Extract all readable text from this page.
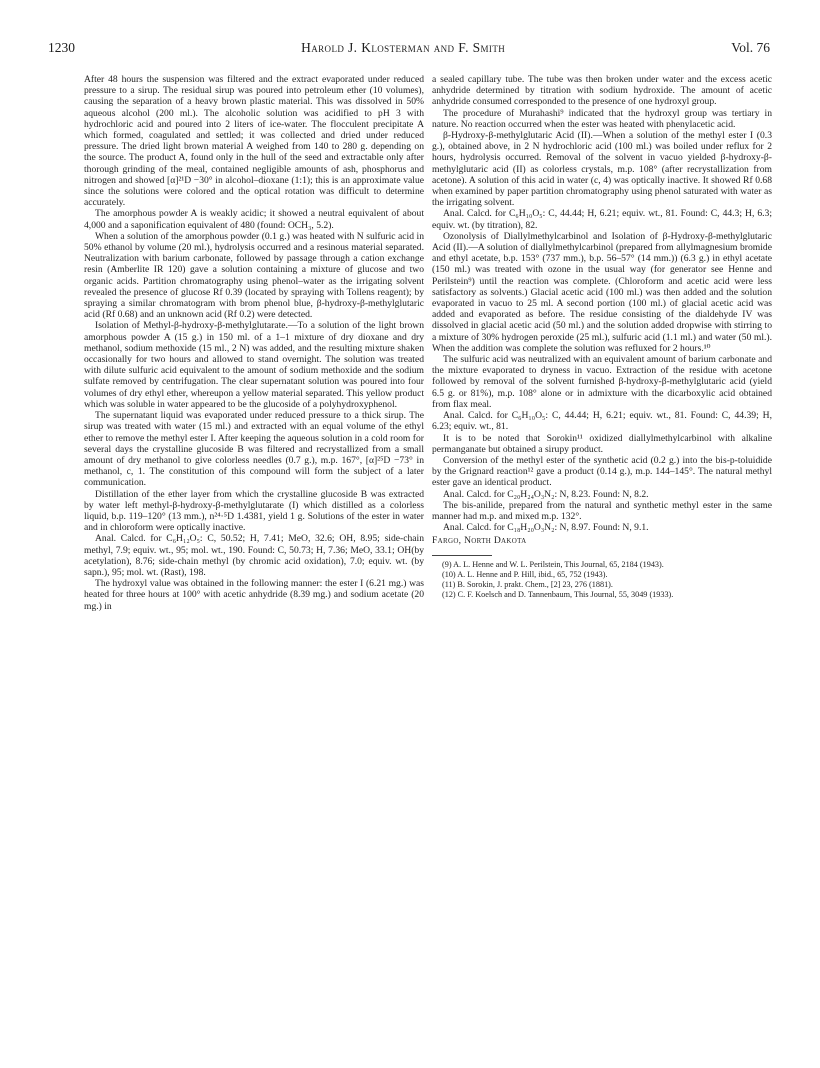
1230	Harold J. Klosterman and F. Smith	Vol. 76

After 48 hours the suspension was filtered and the extract evaporated under reduced pressure to a sirup. The residual sirup was poured into petroleum ether (10 volumes), causing the separation of a heavy brown plastic material. This was dissolved in 50% aqueous alcohol (200 ml.). The alcoholic solution was acidified to pH 3 with hydrochloric acid and poured into 2 liters of ice-water. The flocculent precipitate A which formed, coagulated and settled; it was collected and dried under reduced pressure. The dried light brown material A weighed from 140 to 280 g. depending on the source. The product A, found only in the hull of the seed and extractable only after thorough grinding of the meal, contained negligible amounts of ash, phosphorus and nitrogen and showed [α]²¹D −30° in alcohol–dioxane (1:1); this is an approximate value since the solutions were colored and the optical rotation was difficult to determine accurately.

The amorphous powder A is weakly acidic; it showed a neutral equivalent of about 4,000 and a saponification equivalent of 480 (found: OCH₃, 5.2).

When a solution of the amorphous powder (0.1 g.) was heated with N sulfuric acid in 50% ethanol by volume (20 ml.), hydrolysis occurred and a resinous material separated. Neutralization with barium carbonate, followed by passage through a cation exchange resin (Amberlite IR 120) gave a solution containing a mixture of glucose and two organic acids. Partition chromatography using phenol–water as the irrigating solvent revealed the presence of glucose Rf 0.39 (located by spraying with Tollens reagent); by spraying a similar chromatogram with brom phenol blue, β-hydroxy-β-methylglutaric acid (Rf 0.68) and an unknown acid (Rf 0.2) were detected.

Isolation of Methyl-β-hydroxy-β-methylglutarate.—To a solution of the light brown amorphous powder A (15 g.) in 150 ml. of a 1–1 mixture of dry dioxane and dry methanol, sodium methoxide (15 ml., 2 N) was added, and the resulting mixture shaken occasionally for two hours and allowed to stand overnight. The solution was treated with dilute sulfuric acid equivalent to the amount of sodium methoxide and the sodium sulfate removed by centrifugation. The clear supernatant solution was poured into four volumes of dry ethyl ether, whereupon a yellow material separated. This yellow product which was soluble in water appeared to be the glucoside of a polyhydroxyphenol.

The supernatant liquid was evaporated under reduced pressure to a thick sirup. The sirup was treated with water (15 ml.) and extracted with an equal volume of the ethyl ether to remove the methyl ester I. After keeping the aqueous solution in a cold room for several days the crystalline glucoside B was filtered and recrystallized from a small amount of dry methanol to give colorless needles (0.7 g.), m.p. 167°, [α]²⁵D −73° in methanol, c, 1. The constitution of this compound will form the subject of a later communication.

Distillation of the ether layer from which the crystalline glucoside B was extracted by water left methyl-β-hydroxy-β-methylglutarate (I) which distilled as a colorless liquid, b.p. 119–120° (13 mm.), n²⁴·⁵D 1.4381, yield 1 g. Solutions of the ester in water and in chloroform were optically inactive.

Anal. Calcd. for C₆H₁₂O₅: C, 50.52; H, 7.41; MeO, 32.6; OH, 8.95; side-chain methyl, 7.9; equiv. wt., 95; mol. wt., 190. Found: C, 50.73; H, 7.36; MeO, 33.1; OH(by acetylation), 8.76; side-chain methyl (by chromic acid oxidation), 7.0; equiv. wt. (by sapn.), 95; mol. wt. (Rast), 198.

The hydroxyl value was obtained in the following manner: the ester I (6.21 mg.) was heated for three hours at 100° with acetic anhydride (8.39 mg.) and sodium acetate (20 mg.) in

a sealed capillary tube. The tube was then broken under water and the excess acetic anhydride determined by titration with sodium hydroxide. The amount of acetic anhydride consumed corresponded to the presence of one hydroxyl group.

The procedure of Murahashi⁹ indicated that the hydroxyl group was tertiary in nature. No reaction occurred when the ester was heated with phenylacetic acid.

β-Hydroxy-β-methylglutaric Acid (II).—When a solution of the methyl ester I (0.3 g.), obtained above, in 2 N hydrochloric acid (100 ml.) was boiled under reflux for 2 hours, hydrolysis occurred. Removal of the solvent in vacuo yielded β-hydroxy-β-methylglutaric acid (II) as colorless crystals, m.p. 108° (after recrystallization from acetone). A solution of this acid in water (c, 4) was optically inactive. It showed Rf 0.68 when examined by paper partition chromatography using phenol saturated with water as the irrigating solvent.

Anal. Calcd. for C₆H₁₀O₅: C, 44.44; H, 6.21; equiv. wt., 81. Found: C, 44.3; H, 6.3; equiv. wt. (by titration), 82.

Ozonolysis of Diallylmethylcarbinol and Isolation of β-Hydroxy-β-methylglutaric Acid (II).—A solution of diallylmethylcarbinol (prepared from allylmagnesium bromide and ethyl acetate, b.p. 153° (737 mm.), b.p. 56–57° (14 mm.)) (6.3 g.) in ethyl acetate (150 ml.) was treated with ozone in the usual way (for generator see Henne and Perilstein⁹) until the reaction was complete. (Chloroform and acetic acid were less satisfactory as solvents.) Glacial acetic acid (100 ml.) was then added and the solution evaporated in vacuo to 25 ml. A second portion (100 ml.) of glacial acetic acid was added and evaporated as before. The residue consisting of the dialdehyde IV was dissolved in glacial acetic acid (50 ml.) and the solution added dropwise with stirring to a mixture of 30% hydrogen peroxide (25 ml.), sulfuric acid (1.1 ml.) and water (50 ml.). When the addition was complete the solution was refluxed for 2 hours.¹⁰

The sulfuric acid was neutralized with an equivalent amount of barium carbonate and the mixture evaporated to dryness in vacuo. Extraction of the residue with acetone followed by removal of the solvent furnished β-hydroxy-β-methylglutaric acid (yield 6.5 g. or 81%), m.p. 108° alone or in admixture with the dicarboxylic acid obtained from flax meal.

Anal. Calcd. for C₆H₁₀O₅: C, 44.44; H, 6.21; equiv. wt., 81. Found: C, 44.39; H, 6.23; equiv. wt., 81.

It is to be noted that Sorokin¹¹ oxidized diallylmethylcarbinol with alkaline permanganate but obtained a sirupy product.

Conversion of the methyl ester of the synthetic acid (0.2 g.) into the bis-p-toluidide by the Grignard reaction¹² gave a product (0.14 g.), m.p. 144–145°. The natural methyl ester gave an identical product.

Anal. Calcd. for C₂₀H₂₄O₃N₂: N, 8.23. Found: N, 8.2.

The bis-anilide, prepared from the natural and synthetic methyl ester in the same manner had m.p. and mixed m.p. 132°.

Anal. Calcd. for C₁₈H₂₀O₃N₂: N, 8.97. Found: N, 9.1.

Fargo, North Dakota

(9) A. L. Henne and W. L. Perilstein, This Journal, 65, 2184 (1943).

(10) A. L. Henne and P. Hill, ibid., 65, 752 (1943).

(11) B. Sorokin, J. prakt. Chem., [2] 23, 276 (1881).

(12) C. F. Koelsch and D. Tannenbaum, This Journal, 55, 3049 (1933).
